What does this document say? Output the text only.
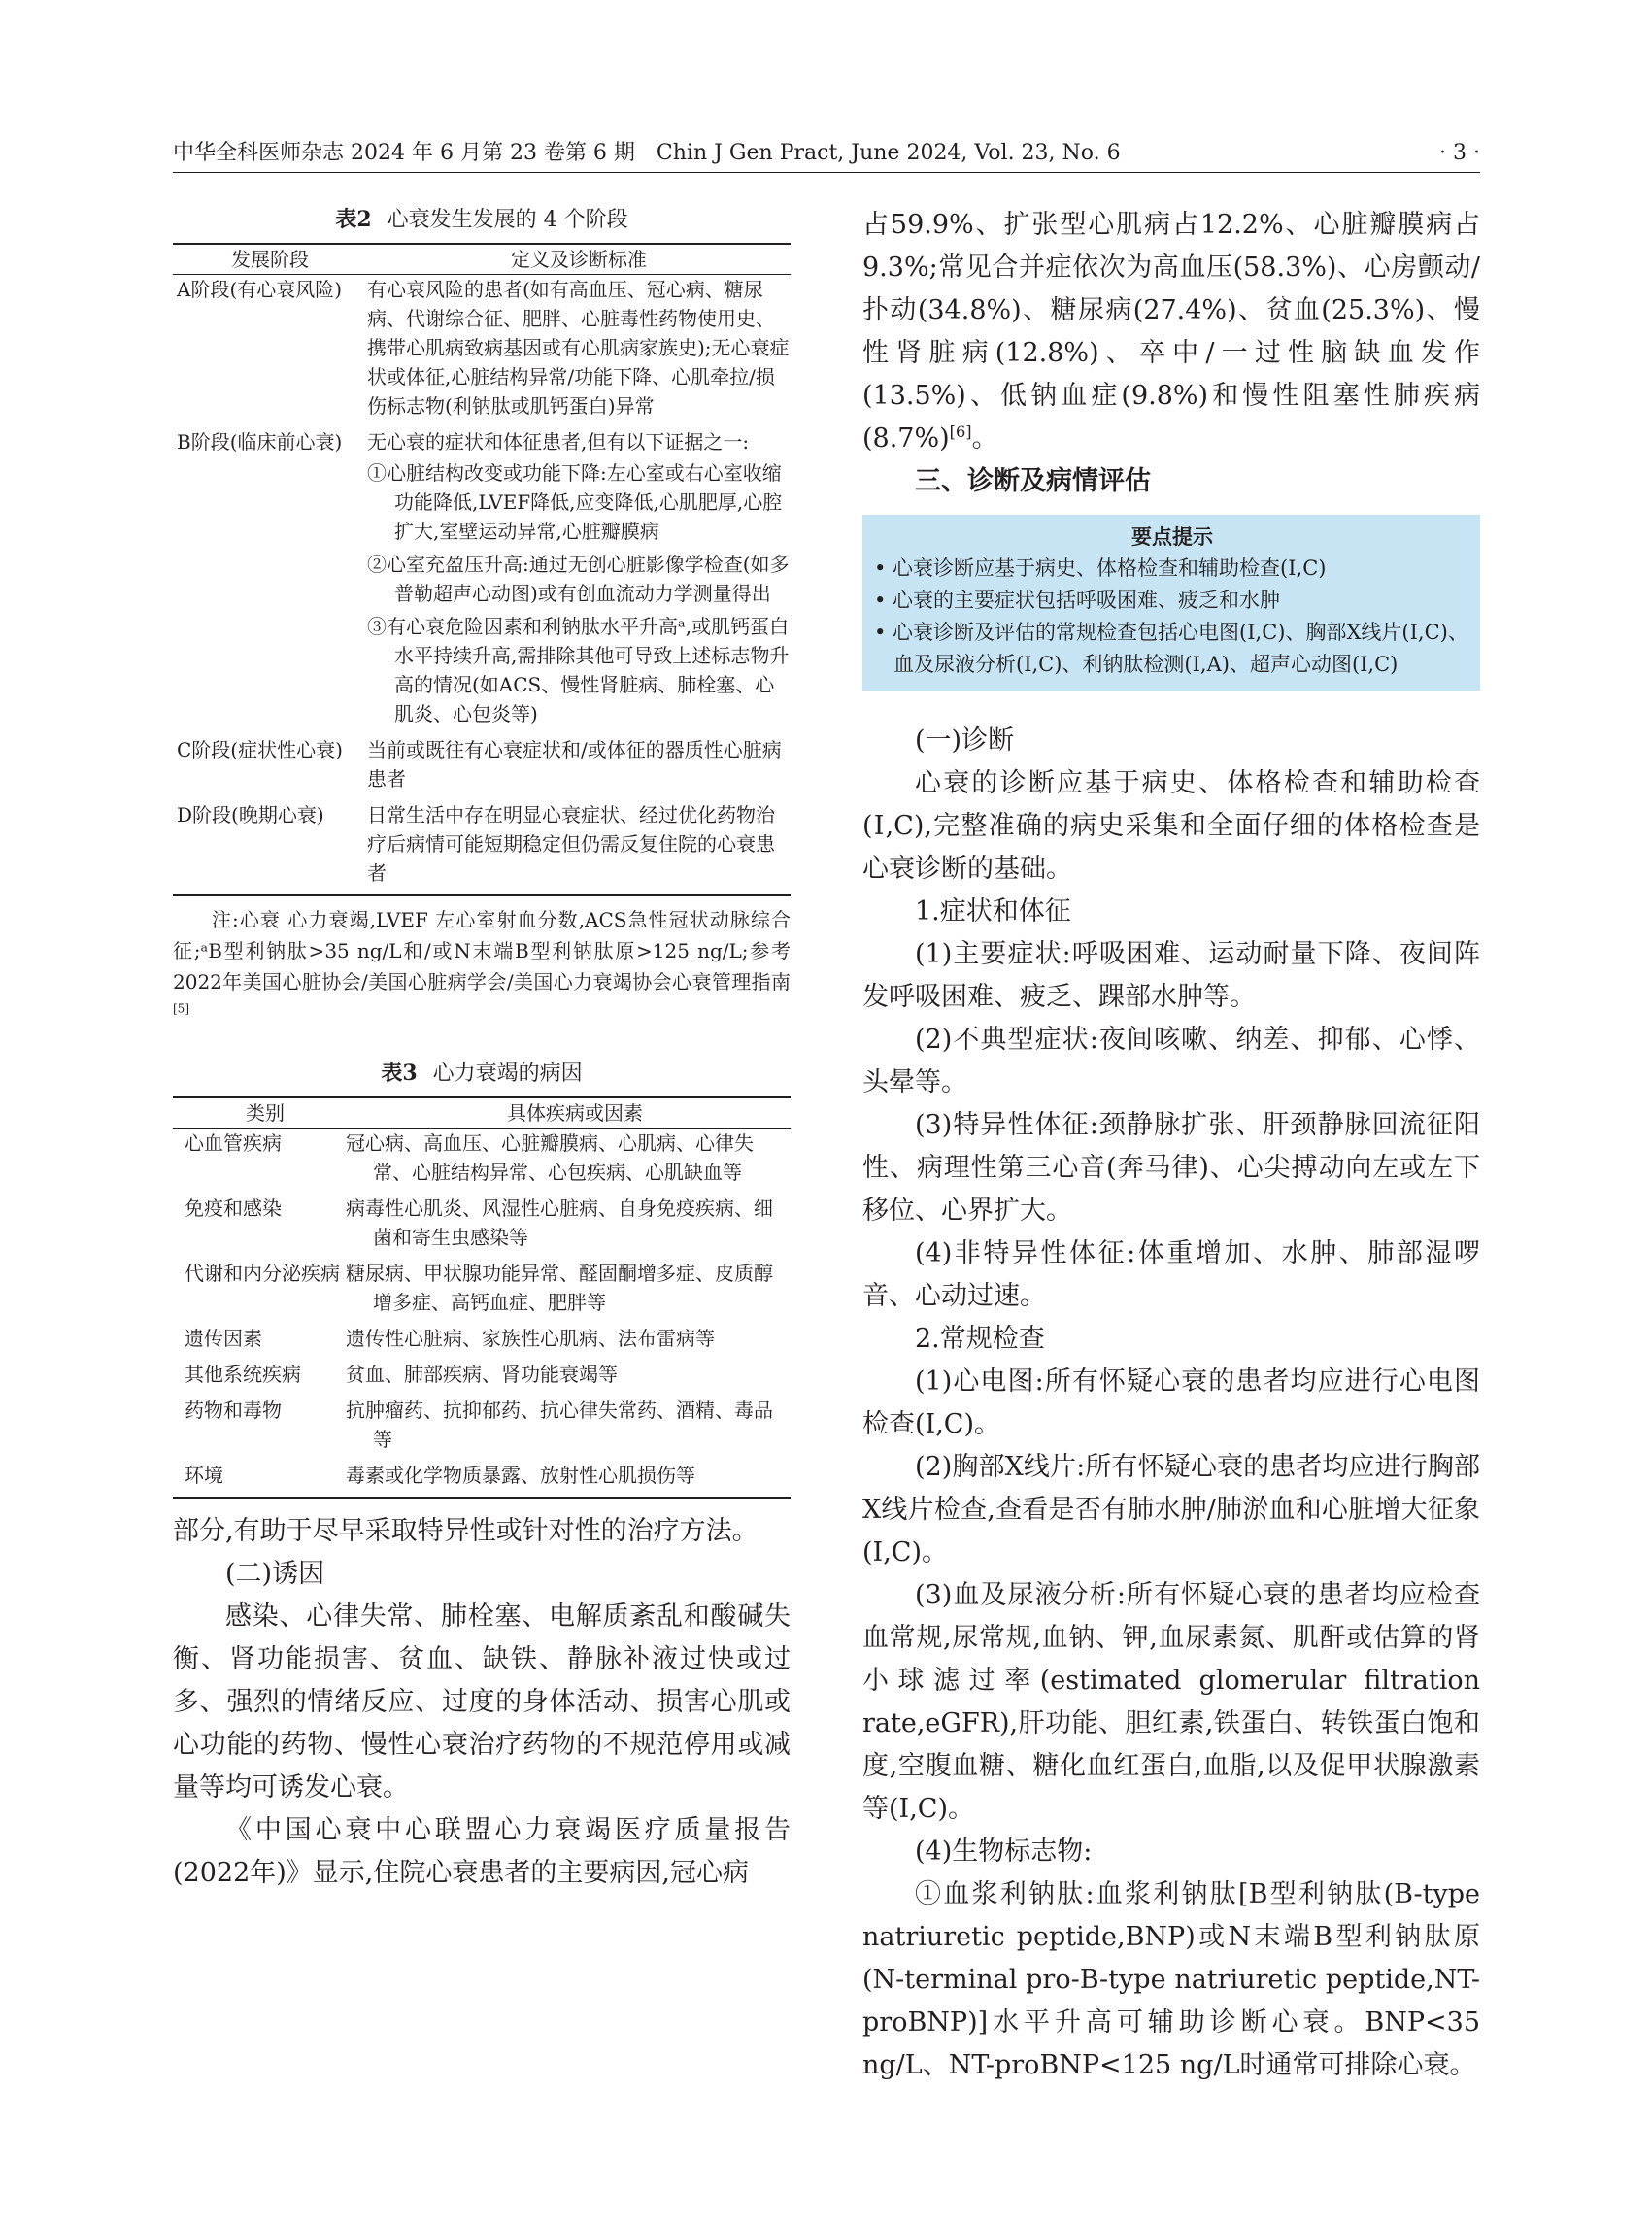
中华全科医师杂志 2024 年 6 月第 23 卷第 6 期　Chin J Gen Pract, June 2024, Vol. 23, No. 6	· 3 ·
表2 心衰发生发展的 4 个阶段
发展阶段	定义及诊断标准
A阶段(有心衰风险)	有心衰风险的患者(如有高血压、冠心病、糖尿病、代谢综合征、肥胖、心脏毒性药物使用史、携带心肌病致病基因或有心肌病家族史);无心衰症状或体征,心脏结构异常/功能下降、心肌牵拉/损伤标志物(利钠肽或肌钙蛋白)异常
B阶段(临床前心衰)	无心衰的症状和体征患者,但有以下证据之一:
①心脏结构改变或功能下降:左心室或右心室收缩功能降低,LVEF降低,应变降低,心肌肥厚,心腔扩大,室壁运动异常,心脏瓣膜病
②心室充盈压升高:通过无创心脏影像学检查(如多普勒超声心动图)或有创血流动力学测量得出
③有心衰危险因素和利钠肽水平升高ᵃ,或肌钙蛋白水平持续升高,需排除其他可导致上述标志物升高的情况(如ACS、慢性肾脏病、肺栓塞、心肌炎、心包炎等)
C阶段(症状性心衰)	当前或既往有心衰症状和/或体征的器质性心脏病患者
D阶段(晚期心衰)	日常生活中存在明显心衰症状、经过优化药物治疗后病情可能短期稳定但仍需反复住院的心衰患者
注:心衰 心力衰竭,LVEF 左心室射血分数,ACS急性冠状动脉综合征;ᵃB型利钠肽>35 ng/L和/或N末端B型利钠肽原>125 ng/L;参考2022年美国心脏协会/美国心脏病学会/美国心力衰竭协会心衰管理指南[5]
表3 心力衰竭的病因
类别	具体疾病或因素
心血管疾病	冠心病、高血压、心脏瓣膜病、心肌病、心律失常、心脏结构异常、心包疾病、心肌缺血等
免疫和感染	病毒性心肌炎、风湿性心脏病、自身免疫疾病、细菌和寄生虫感染等
代谢和内分泌疾病 糖尿病、甲状腺功能异常、醛固酮增多症、皮质醇增多症、高钙血症、肥胖等
遗传因素	遗传性心脏病、家族性心肌病、法布雷病等
其他系统疾病	贫血、肺部疾病、肾功能衰竭等
药物和毒物	抗肿瘤药、抗抑郁药、抗心律失常药、酒精、毒品等
环境	毒素或化学物质暴露、放射性心肌损伤等

部分,有助于尽早采取特异性或针对性的治疗方法。

(二)诱因

感染、心律失常、肺栓塞、电解质紊乱和酸碱失衡、肾功能损害、贫血、缺铁、静脉补液过快或过多、强烈的情绪反应、过度的身体活动、损害心肌或心功能的药物、慢性心衰治疗药物的不规范停用或减量等均可诱发心衰。

《中国心衰中心联盟心力衰竭医疗质量报告(2022年)》显示,住院心衰患者的主要病因,冠心病

占59.9%、扩张型心肌病占12.2%、心脏瓣膜病占9.3%;常见合并症依次为高血压(58.3%)、心房颤动/扑动(34.8%)、糖尿病(27.4%)、贫血(25.3%)、慢性肾脏病(12.8%)、卒中/一过性脑缺血发作(13.5%)、低钠血症(9.8%)和慢性阻塞性肺疾病(8.7%)[6]。

三、诊断及病情评估

要点提示
• 心衰诊断应基于病史、体格检查和辅助检查(Ⅰ,C)
• 心衰的主要症状包括呼吸困难、疲乏和水肿
• 心衰诊断及评估的常规检查包括心电图(Ⅰ,C)、胸部X线片(Ⅰ,C)、血及尿液分析(Ⅰ,C)、利钠肽检测(Ⅰ,A)、超声心动图(Ⅰ,C)

(一)诊断

心衰的诊断应基于病史、体格检查和辅助检查(Ⅰ,C),完整准确的病史采集和全面仔细的体格检查是心衰诊断的基础。

1.症状和体征

(1)主要症状:呼吸困难、运动耐量下降、夜间阵发呼吸困难、疲乏、踝部水肿等。

(2)不典型症状:夜间咳嗽、纳差、抑郁、心悸、头晕等。

(3)特异性体征:颈静脉扩张、肝颈静脉回流征阳性、病理性第三心音(奔马律)、心尖搏动向左或左下移位、心界扩大。

(4)非特异性体征:体重增加、水肿、肺部湿啰音、心动过速。

2.常规检查

(1)心电图:所有怀疑心衰的患者均应进行心电图检查(Ⅰ,C)。

(2)胸部X线片:所有怀疑心衰的患者均应进行胸部X线片检查,查看是否有肺水肿/肺淤血和心脏增大征象(Ⅰ,C)。

(3)血及尿液分析:所有怀疑心衰的患者均应检查血常规,尿常规,血钠、钾,血尿素氮、肌酐或估算的肾小球滤过率(estimated glomerular filtration rate,eGFR),肝功能、胆红素,铁蛋白、转铁蛋白饱和度,空腹血糖、糖化血红蛋白,血脂,以及促甲状腺激素等(Ⅰ,C)。

(4)生物标志物:

①血浆利钠肽:血浆利钠肽[B型利钠肽(B-type natriuretic peptide,BNP)或N末端B型利钠肽原(N-terminal pro-B-type natriuretic peptide,NT-proBNP)]水平升高可辅助诊断心衰。BNP<35 ng/L、NT-proBNP<125 ng/L时通常可排除心衰。
